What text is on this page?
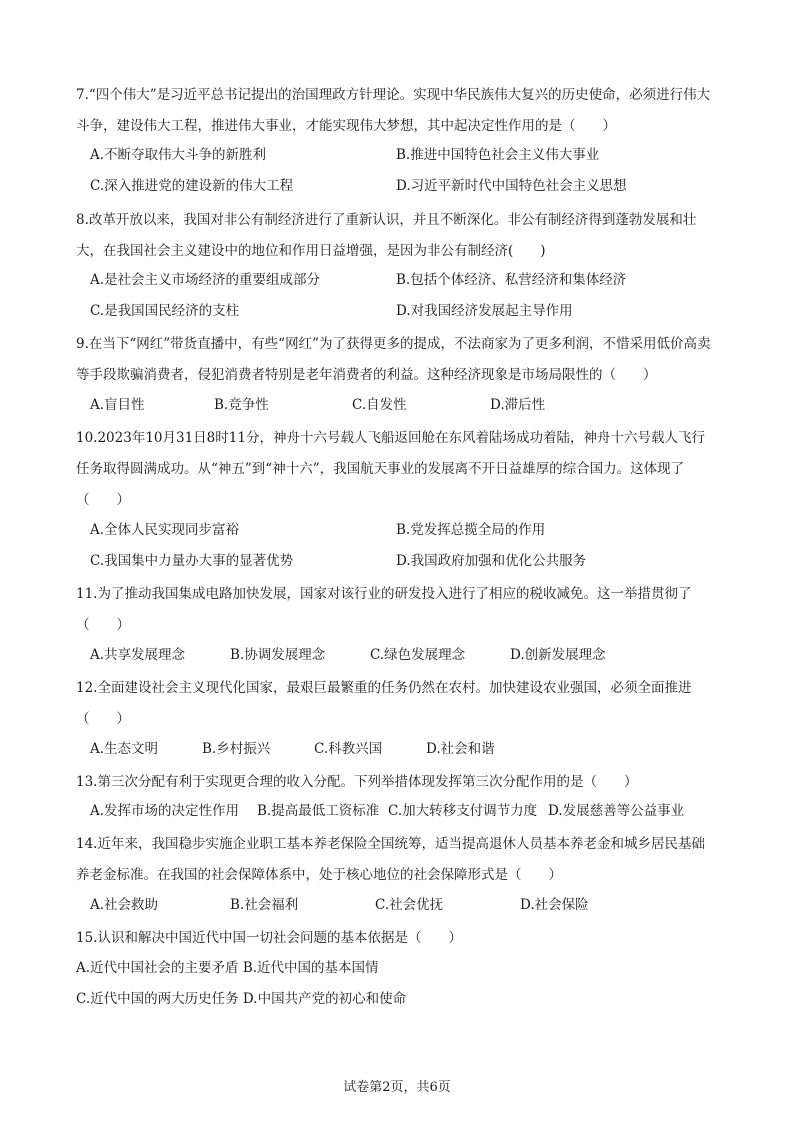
7.“四个伟大”是习近平总书记提出的治国理政方针理论。实现中华民族伟大复兴的历史使命，必须进行伟大斗争，建设伟大工程，推进伟大事业，才能实现伟大梦想，其中起决定性作用的是（　　）

A.不断夺取伟大斗争的新胜利	B.推进中国特色社会主义伟大事业
C.深入推进党的建设新的伟大工程	D.习近平新时代中国特色社会主义思想

8.改革开放以来，我国对非公有制经济进行了重新认识，并且不断深化。非公有制经济得到蓬勃发展和壮大，在我国社会主义建设中的地位和作用日益增强，是因为非公有制经济(　　)

A.是社会主义市场经济的重要组成部分	B.包括个体经济、私营经济和集体经济
C.是我国国民经济的支柱	D.对我国经济发展起主导作用

9.在当下“网红”带货直播中，有些“网红”为了获得更多的提成，不法商家为了更多利润，不惜采用低价高卖等手段欺骗消费者，侵犯消费者特别是老年消费者的利益。这种经济现象是市场局限性的（　　）

A.盲目性	B.竞争性	C.自发性	D.滞后性

10.2023年10月31日8时11分，神舟十六号载人飞船返回舱在东风着陆场成功着陆，神舟十六号载人飞行任务取得圆满成功。从“神五”到“神十六”，我国航天事业的发展离不开日益雄厚的综合国力。这体现了（　　）

A.全体人民实现同步富裕	B.党发挥总揽全局的作用
C.我国集中力量办大事的显著优势	D.我国政府加强和优化公共服务

11.为了推动我国集成电路加快发展，国家对该行业的研发投入进行了相应的税收减免。这一举措贯彻了（　　）

A.共享发展理念	B.协调发展理念	C.绿色发展理念	D.创新发展理念

12.全面建设社会主义现代化国家，最艰巨最繁重的任务仍然在农村。加快建设农业强国，必须全面推进（　　）

A.生态文明	B.乡村振兴	C.科教兴国	D.社会和谐

13.第三次分配有利于实现更合理的收入分配。下列举措体现发挥第三次分配作用的是（　　）

A.发挥市场的决定性作用 B.提高最低工资标准 C.加大转移支付调节力度 D.发展慈善等公益事业

14.近年来，我国稳步实施企业职工基本养老保险全国统筹，适当提高退休人员基本养老金和城乡居民基础养老金标准。在我国的社会保障体系中，处于核心地位的社会保障形式是（　　）

A.社会救助	B.社会福利	C.社会优抚	D.社会保险

15.认识和解决中国近代中国一切社会问题的基本依据是（　　）

A.近代中国社会的主要矛盾 B.近代中国的基本国情
C.近代中国的两大历史任务 D.中国共产党的初心和使命
试卷第2页，共6页
